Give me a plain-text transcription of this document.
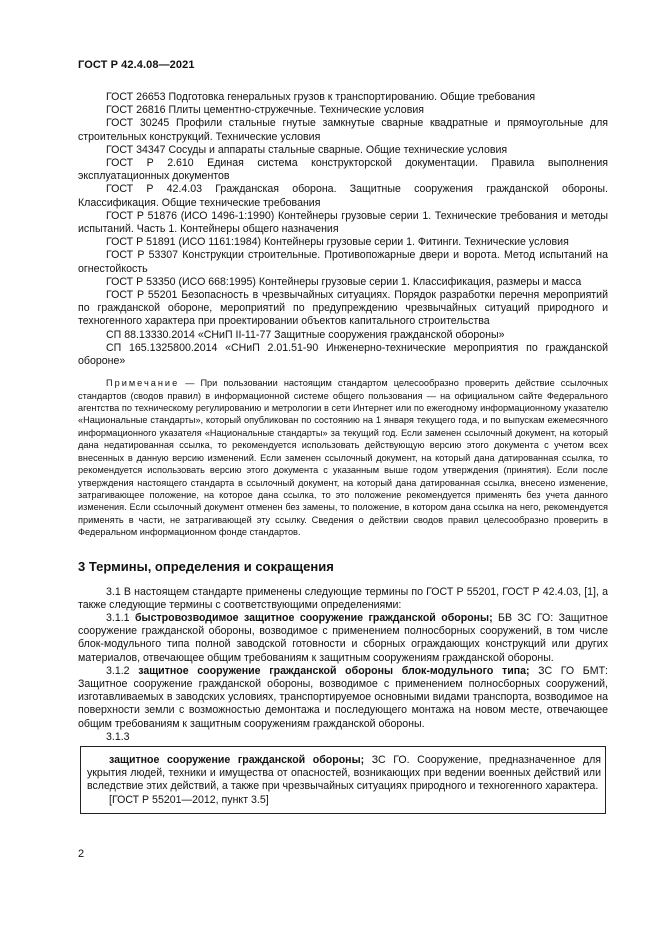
ГОСТ Р 42.4.08—2021

ГОСТ 26653 Подготовка генеральных грузов к транспортированию. Общие требования

ГОСТ 26816 Плиты цементно-стружечные. Технические условия

ГОСТ 30245 Профили стальные гнутые замкнутые сварные квадратные и прямоугольные для строительных конструкций. Технические условия

ГОСТ 34347 Сосуды и аппараты стальные сварные. Общие технические условия

ГОСТ Р 2.610 Единая система конструкторской документации. Правила выполнения эксплуатационных документов

ГОСТ Р 42.4.03 Гражданская оборона. Защитные сооружения гражданской обороны. Классификация. Общие технические требования

ГОСТ Р 51876 (ИСО 1496-1:1990) Контейнеры грузовые серии 1. Технические требования и методы испытаний. Часть 1. Контейнеры общего назначения

ГОСТ Р 51891 (ИСО 1161:1984) Контейнеры грузовые серии 1. Фитинги. Технические условия

ГОСТ Р 53307 Конструкции строительные. Противопожарные двери и ворота. Метод испытаний на огнестойкость

ГОСТ Р 53350 (ИСО 668:1995) Контейнеры грузовые серии 1. Классификация, размеры и масса

ГОСТ Р 55201 Безопасность в чрезвычайных ситуациях. Порядок разработки перечня мероприятий по гражданской обороне, мероприятий по предупреждению чрезвычайных ситуаций природного и техногенного характера при проектировании объектов капитального строительства

СП 88.13330.2014 «СНиП II-11-77 Защитные сооружения гражданской обороны»

СП 165.1325800.2014 «СНиП 2.01.51-90 Инженерно-технические мероприятия по гражданской обороне»

Примечание — При пользовании настоящим стандартом целесообразно проверить действие ссылочных стандартов (сводов правил) в информационной системе общего пользования — на официальном сайте Федерального агентства по техническому регулированию и метрологии в сети Интернет или по ежегодному информационному указателю «Национальные стандарты», который опубликован по состоянию на 1 января текущего года, и по выпускам ежемесячного информационного указателя «Национальные стандарты» за текущий год. Если заменен ссылочный документ, на который дана недатированная ссылка, то рекомендуется использовать действующую версию этого документа с учетом всех внесенных в данную версию изменений. Если заменен ссылочный документ, на который дана датированная ссылка, то рекомендуется использовать версию этого документа с указанным выше годом утверждения (принятия). Если после утверждения настоящего стандарта в ссылочный документ, на который дана датированная ссылка, внесено изменение, затрагивающее положение, на которое дана ссылка, то это положение рекомендуется применять без учета данного изменения. Если ссылочный документ отменен без замены, то положение, в котором дана ссылка на него, рекомендуется применять в части, не затрагивающей эту ссылку. Сведения о действии сводов правил целесообразно проверить в Федеральном информационном фонде стандартов.

3 Термины, определения и сокращения

3.1 В настоящем стандарте применены следующие термины по ГОСТ Р 55201, ГОСТ Р 42.4.03, [1], а также следующие термины с соответствующими определениями:

3.1.1 быстровозводимое защитное сооружение гражданской обороны; БВ ЗС ГО: Защитное сооружение гражданской обороны, возводимое с применением полносборных сооружений, в том числе блок-модульного типа полной заводской готовности и сборных ограждающих конструкций или других материалов, отвечающее общим требованиям к защитным сооружениям гражданской обороны.

3.1.2 защитное сооружение гражданской обороны блок-модульного типа; ЗС ГО БМТ: Защитное сооружение гражданской обороны, возводимое с применением полносборных сооружений, изготавливаемых в заводских условиях, транспортируемое основными видами транспорта, возводимое на поверхности земли с возможностью демонтажа и последующего монтажа на новом месте, отвечающее общим требованиям к защитным сооружениям гражданской обороны.

3.1.3

защитное сооружение гражданской обороны; ЗС ГО. Сооружение, предназначенное для укрытия людей, техники и имущества от опасностей, возникающих при ведении военных действий или вследствие этих действий, а также при чрезвычайных ситуациях природного и техногенного характера.

[ГОСТ Р 55201—2012, пункт 3.5]

2
